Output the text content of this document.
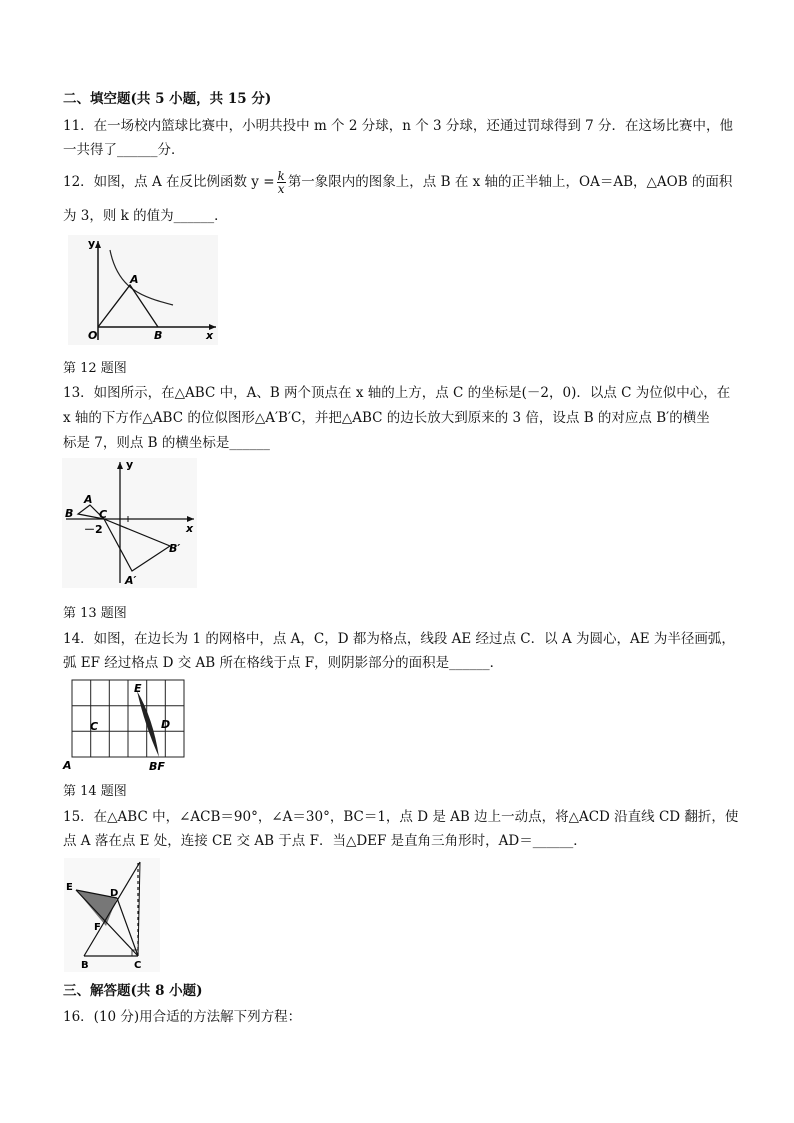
二、填空题(共 5 小题，共 15 分)
11．在一场校内篮球比赛中，小明共投中 m 个 2 分球，n 个 3 分球，还通过罚球得到 7 分．在这场比赛中，他
一共得了______分．
12．如图，点 A 在反比例函数 $y = \frac{k}{x}$ 第一象限内的图象上，点 B 在 x 轴的正半轴上，OA＝AB，△AOB 的面积
为 3，则 k 的值为______．
y
x
O
A
B
第 12 题图
13．如图所示，在△ABC 中，A、B 两个顶点在 x 轴的上方，点 C 的坐标是(－2，0)．以点 C 为位似中心，在
x 轴的下方作△ABC 的位似图形△A′B′C，并把△ABC 的边长放大到原来的 3 倍，设点 B 的对应点 B′的横坐
标是 7，则点 B 的横坐标是______
y
x
A
B C
－2
B′
A′
第 13 题图
14．如图，在边长为 1 的网格中，点 A，C，D 都为格点，线段 AE 经过点 C．以 A 为圆心，AE 为半径画弧，
弧 EF 经过格点 D 交 AB 所在格线于点 F，则阴影部分的面积是______．
E
C	D
A	BF
第 14 题图
15．在△ABC 中，∠ACB＝90°，∠A＝30°，BC＝1，点 D 是 AB 边上一动点，将△ACD 沿直线 CD 翻折，使
点 A 落在点 E 处，连接 CE 交 AB 于点 F．当△DEF 是直角三角形时，AD＝______．
E
D
F
B	C
三、解答题(共 8 小题)
16．(10 分)用合适的方法解下列方程：
